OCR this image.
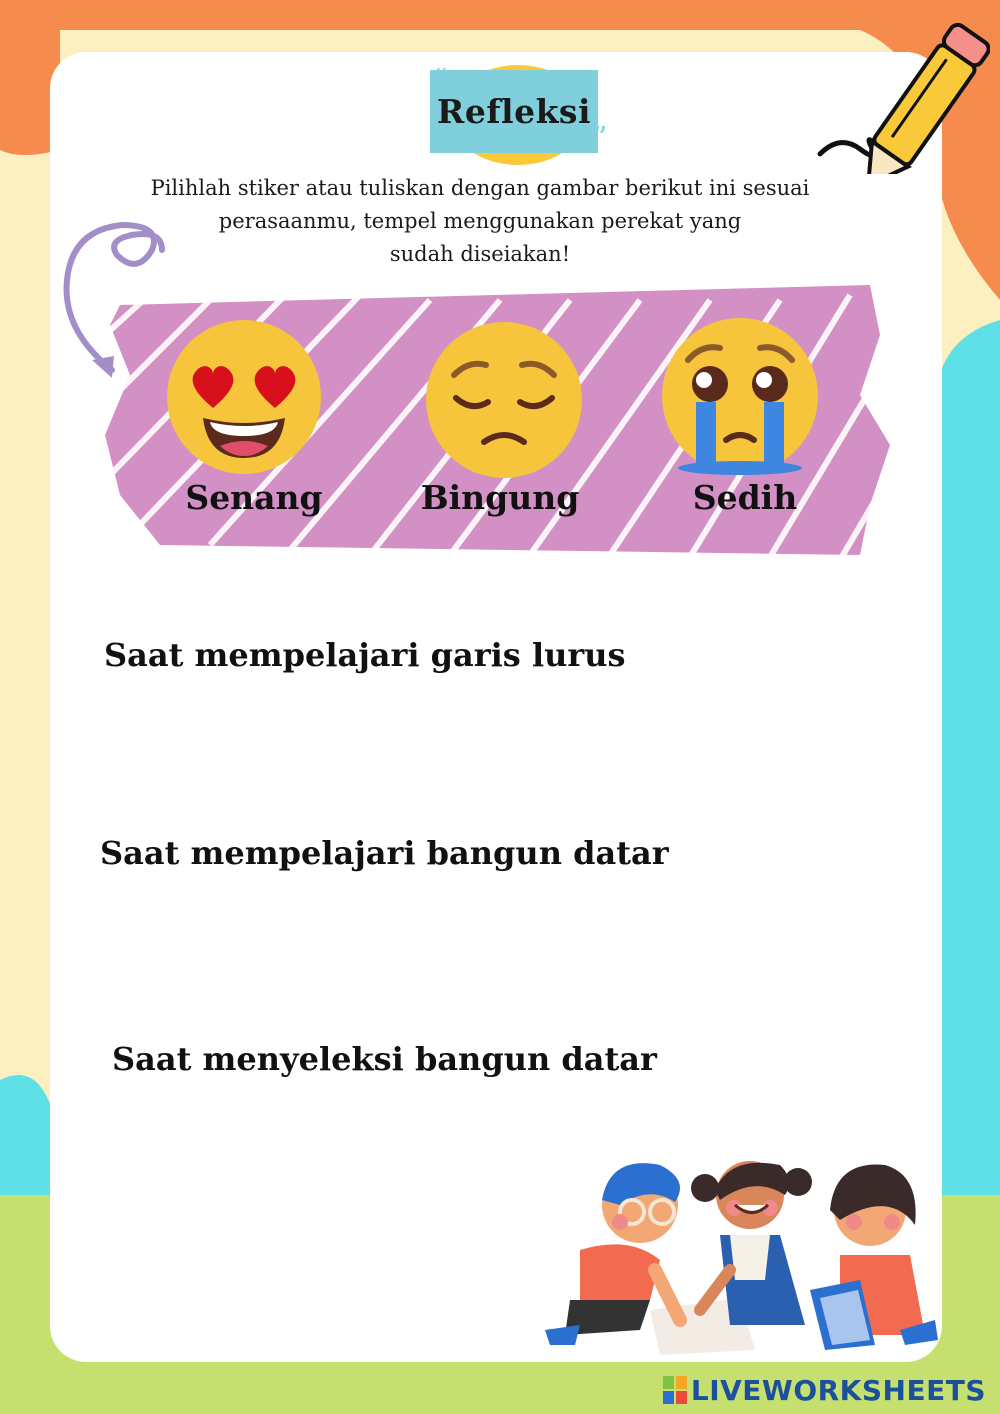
“
”
Refleksi
Pilihlah stiker atau tuliskan dengan gambar berikut ini sesuai
perasaanmu, tempel menggunakan perekat yang
sudah diseiakan!
Senang	Bingung	Sedih
Saat mempelajari garis lurus
Saat mempelajari bangun datar
Saat menyeleksi bangun datar
LIVEWORKSHEETS
